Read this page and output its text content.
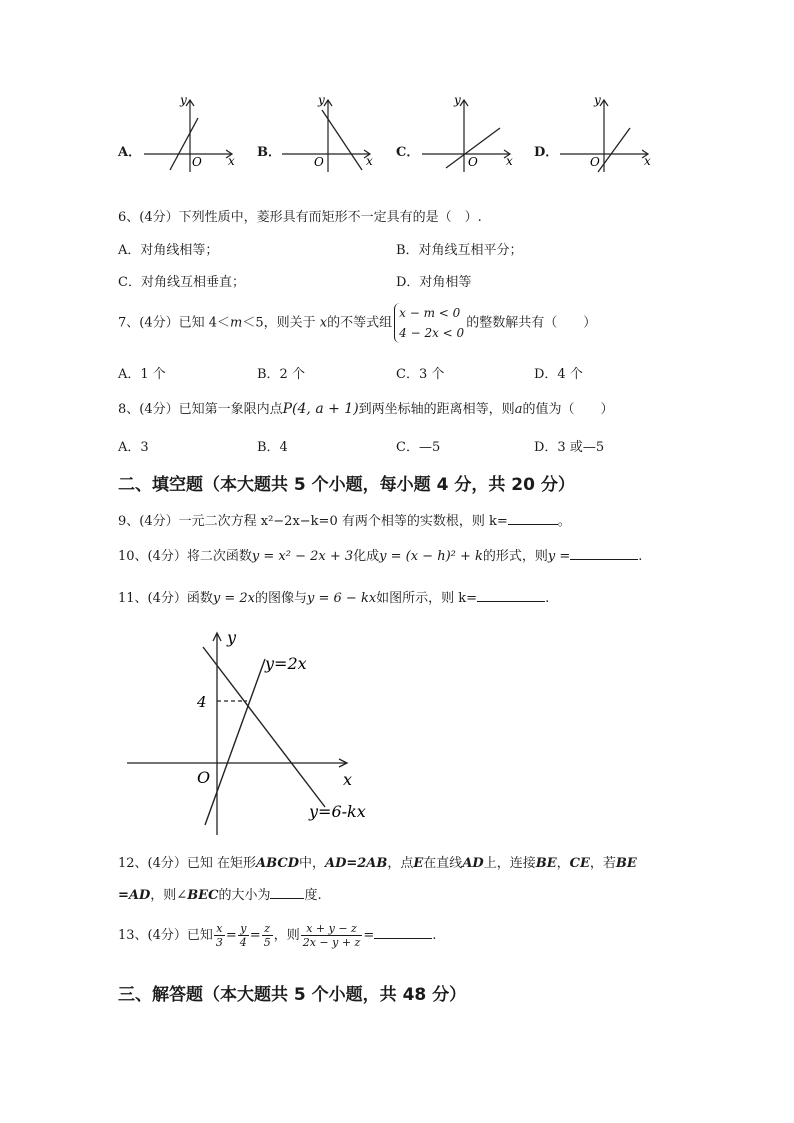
A．
y
x
O
B．
y
x
O
C．
y
x
O
D．
y
x
O
6、(4分）下列性质中，菱形具有而矩形不一定具有的是（　）.
A．对角线相等；	B．对角线互相平分；
C．对角线互相垂直；	D．对角相等
7、(4分）已知 4＜m＜5，则关于 x的不等式组
x − m < 0
4 − 2x < 0
的整数解共有（　　）
A．1 个	B．2 个	C．3 个	D．4 个
8、(4分）已知第一象限内点P(4, a + 1)到两坐标轴的距离相等，则a的值为（　　）
A．3	B．4	C．—5	D．3 或—5
二、填空题（本大题共 5 个小题，每小题 4 分，共 20 分）
9、(4分）一元二次方程 x²−2x−k=0 有两个相等的实数根，则 k=	。
10、(4分）将二次函数y = x² − 2x + 3化成y = (x − h)² + k的形式，则y =	.
11、(4分）函数y = 2x的图像与y = 6 − kx如图所示，则 k=	.
y
x
O
4
y=2x
y=6-kx
12、(4分）已知 在矩形ABCD中，AD=2AB，点E在直线AD上，连接BE，CE，若BE
=AD，则∠BEC的大小为	度.
13、(4分）已知 $\frac{x}{3} = \frac{y}{4} = \frac{z}{5}$ ，则 $\frac{x + y - z}{2x - y + z}$ =	.
三、解答题（本大题共 5 个小题，共 48 分）
